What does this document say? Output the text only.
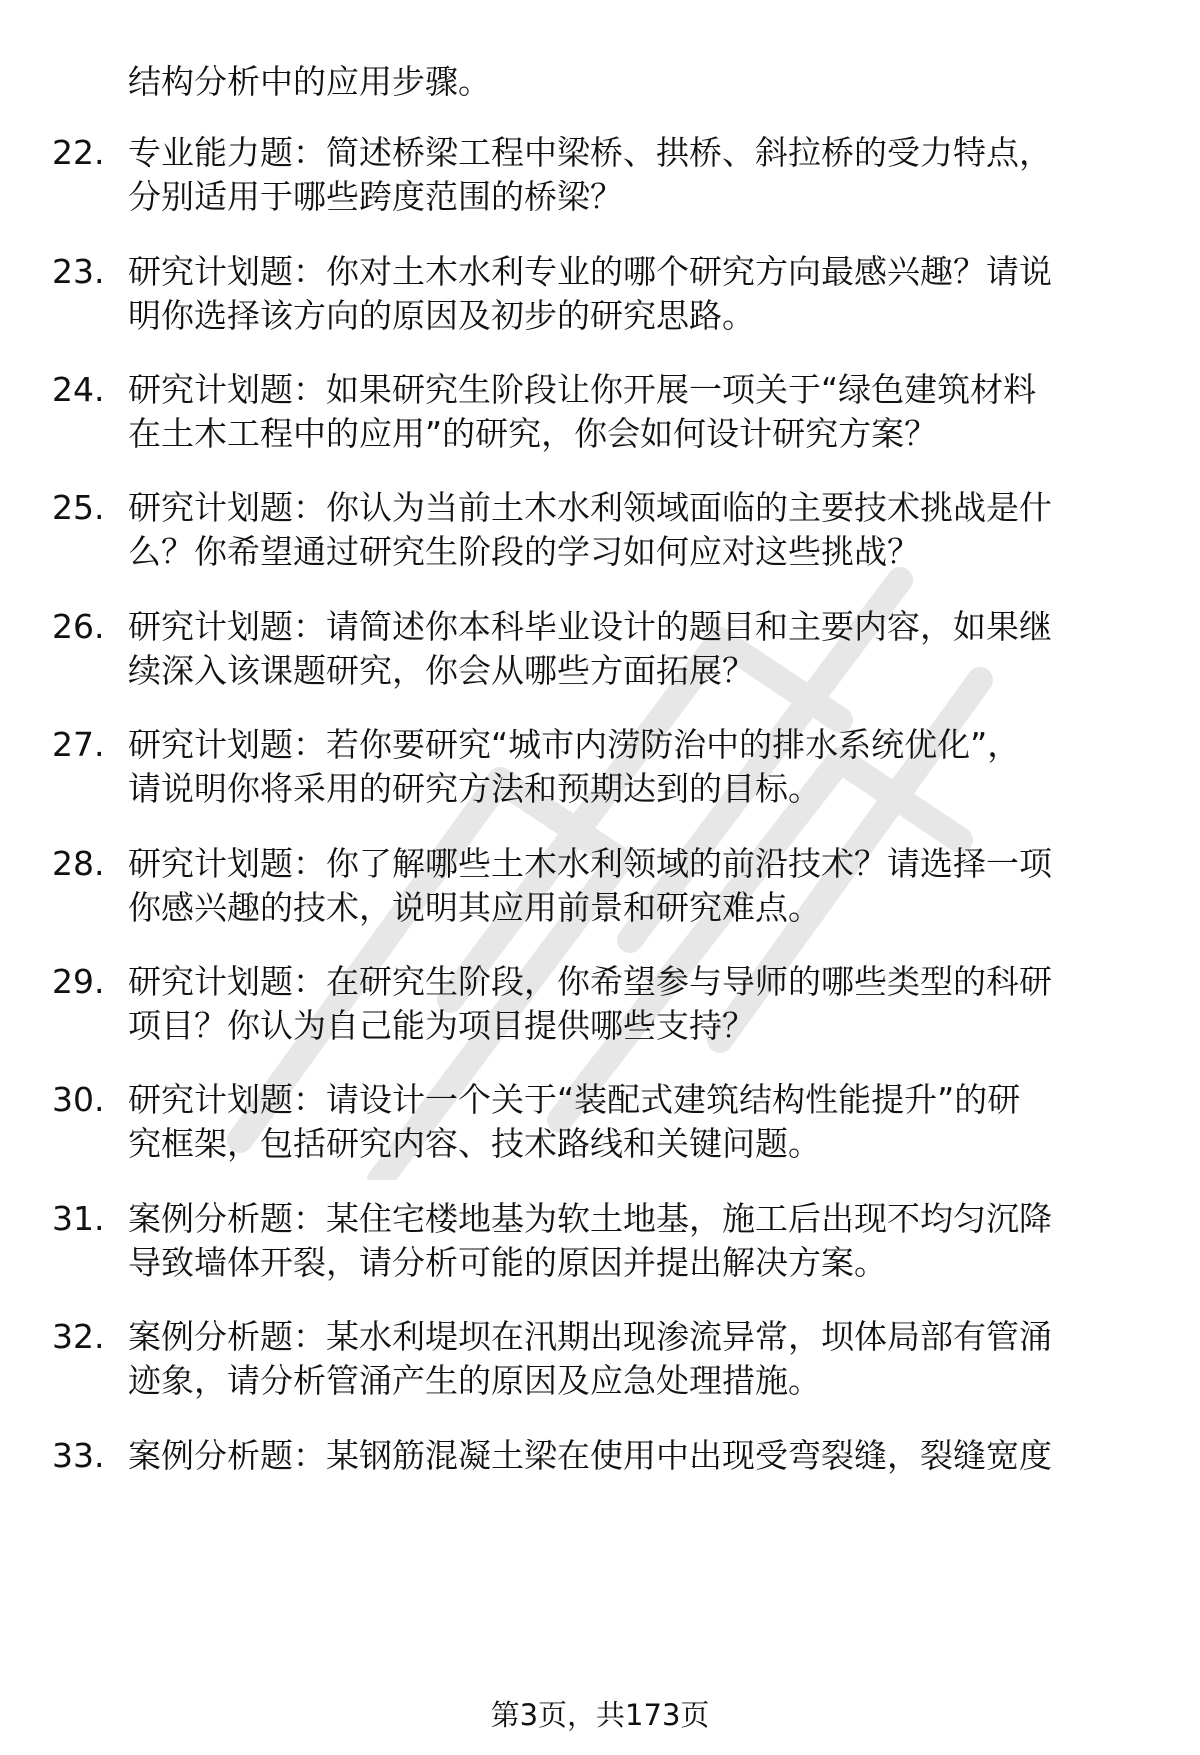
结构分析中的应用步骤。
22. 专业能力题：简述桥梁工程中梁桥、拱桥、斜拉桥的受力特点，
分别适用于哪些跨度范围的桥梁？
23. 研究计划题：你对土木水利专业的哪个研究方向最感兴趣？请说
明你选择该方向的原因及初步的研究思路。
24. 研究计划题：如果研究生阶段让你开展一项关于“绿色建筑材料
在土木工程中的应用”的研究，你会如何设计研究方案？
25. 研究计划题：你认为当前土木水利领域面临的主要技术挑战是什
么？你希望通过研究生阶段的学习如何应对这些挑战？
26. 研究计划题：请简述你本科毕业设计的题目和主要内容，如果继
续深入该课题研究，你会从哪些方面拓展？
27. 研究计划题：若你要研究“城市内涝防治中的排水系统优化”，
请说明你将采用的研究方法和预期达到的目标。
28. 研究计划题：你了解哪些土木水利领域的前沿技术？请选择一项
你感兴趣的技术，说明其应用前景和研究难点。
29. 研究计划题：在研究生阶段，你希望参与导师的哪些类型的科研
项目？你认为自己能为项目提供哪些支持？
30. 研究计划题：请设计一个关于“装配式建筑结构性能提升”的研
究框架，包括研究内容、技术路线和关键问题。
31. 案例分析题：某住宅楼地基为软土地基，施工后出现不均匀沉降
导致墙体开裂，请分析可能的原因并提出解决方案。
32. 案例分析题：某水利堤坝在汛期出现渗流异常，坝体局部有管涌
迹象，请分析管涌产生的原因及应急处理措施。
33. 案例分析题：某钢筋混凝土梁在使用中出现受弯裂缝，裂缝宽度
第3页，共173页
